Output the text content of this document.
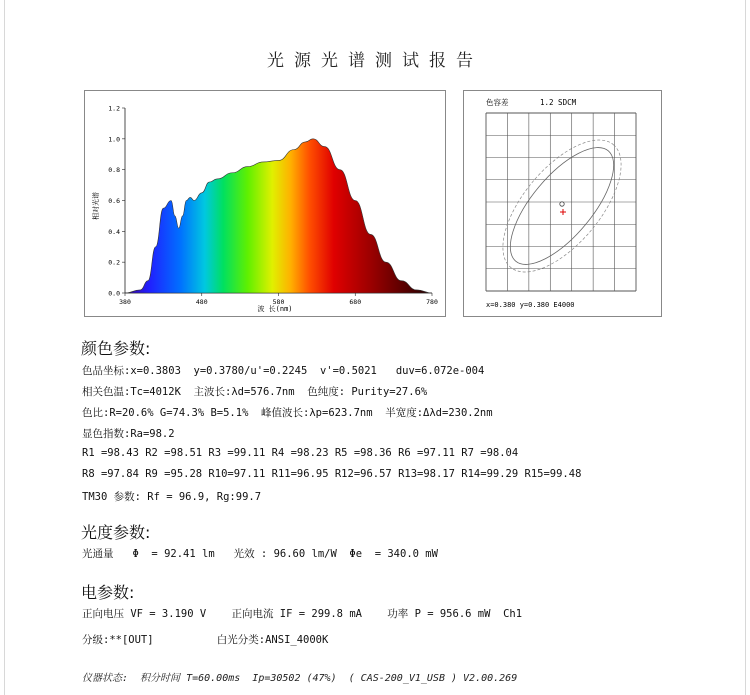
光源光谱测试报告
0.0
0.2
0.4
0.6
0.8
1.0
1.2
380	480	580	680	780
相对光谱
波 长(nm)
色容差	1.2 SDCM
x=0.380 y=0.380 E4000
颜色参数:
色品坐标:x=0.3803  y=0.3780/u'=0.2245  v'=0.5021   duv=6.072e-004
相关色温:Tc=4012K  主波长:λd=576.7nm  色纯度: Purity=27.6%
色比:R=20.6% G=74.3% B=5.1%  峰值波长:λp=623.7nm  半宽度:Δλd=230.2nm
显色指数:Ra=98.2
R1 =98.43 R2 =98.51 R3 =99.11 R4 =98.23 R5 =98.36 R6 =97.11 R7 =98.04
R8 =97.84 R9 =95.28 R10=97.11 R11=96.95 R12=96.57 R13=98.17 R14=99.29 R15=99.48
TM30 参数: Rf = 96.9, Rg:99.7
光度参数:
光通量   Φ  = 92.41 lm   光效 : 96.60 lm/W  Φe  = 340.0 mW
电参数:
正向电压 VF = 3.190 V    正向电流 IF = 299.8 mA    功率 P = 956.6 mW  Ch1
分级:**[OUT]          白光分类:ANSI_4000K
仪器状态:  积分时间 T=60.00ms  Ip=30502 (47%)  ( CAS-200_V1_USB ) V2.00.269
